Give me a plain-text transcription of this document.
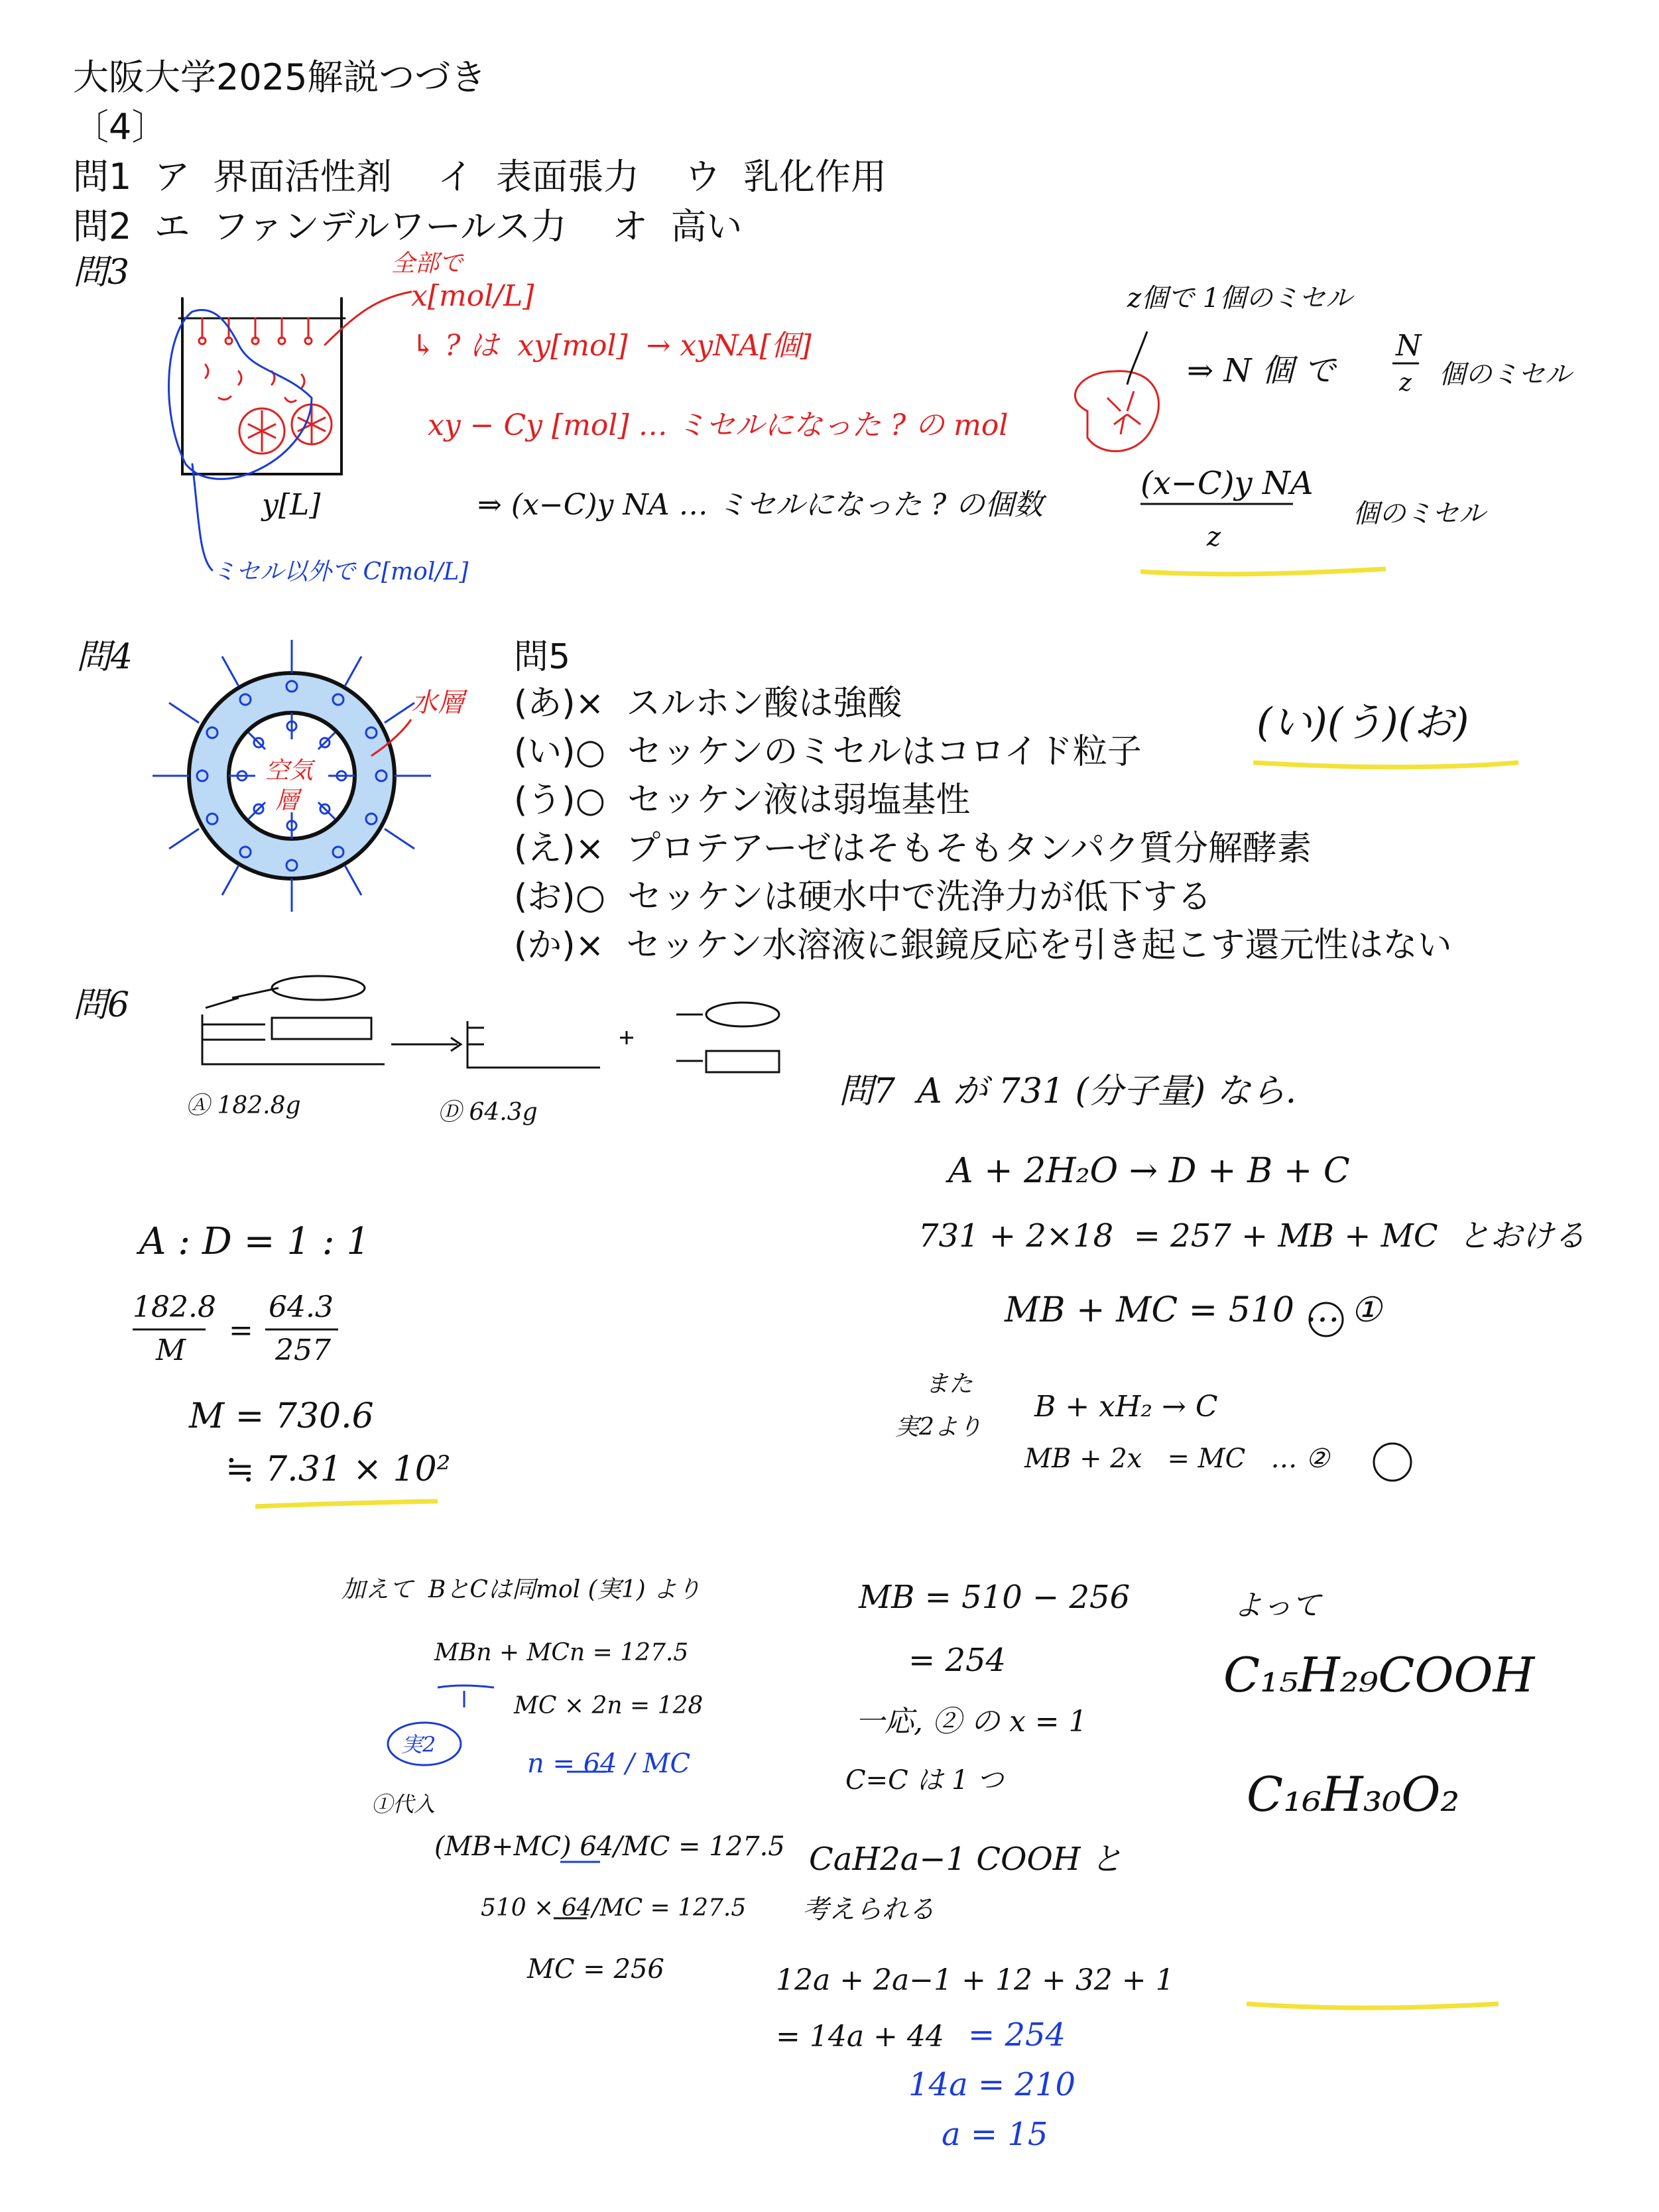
大阪大学2025解説つづき
〔4〕
問1  ア  界面活性剤    イ  表面張力    ウ  乳化作用
問2  エ  ファンデルワールス力    オ  高い
問3	全部で
x[mol/L]
↳ ? は  xy[mol]  → xyNA[個]
xy − Cy [mol] … ミセルになった ? の mol
y[L]
ミセル以外で C[mol/L]
⇒ (x−C)y NA … ミセルになった ? の個数
(x−C)y NA
z
個のミセル
z個で 1個のミセル
⇒ N 個 で
N
z 個のミセル
問4
水層
空気
層
問5
(あ)×  スルホン酸は強酸
(い)○  セッケンのミセルはコロイド粒子
(う)○  セッケン液は弱塩基性
(え)×  プロテアーゼはそもそもタンパク質分解酵素
(お)○  セッケンは硬水中で洗浄力が低下する
(か)×  セッケン水溶液に銀鏡反応を引き起こす還元性はない
(い)(う)(お)
問6
Ⓐ 182.8g	Ⓓ 64.3g
A : D = 1 : 1
182.8
M
=
64.3
257
M = 730.6
≒ 7.31 × 10²
問7  A が 731 (分子量) なら.
A + 2H₂O → D + B + C
731 + 2×18  = 257 + MB + MC  とおける
MB + MC = 510 … ①
また
実2より
B + xH₂ → C
MB + 2x   = MC   … ②
加えて  BとCは同mol (実1) より
MBn + MCn = 127.5
実2
MC × 2n = 128
n = 64 / MC
①代入
(MB+MC) 64/MC = 127.5
510 × 64/MC = 127.5
MC = 256
MB = 510 − 256
= 254
一応, ② の x = 1
C=C は 1 つ
CaH2a−1 COOH と
考えられる
12a + 2a−1 + 12 + 32 + 1
= 14a + 44 = 254
14a = 210
a = 15
よって
C₁₅H₂₉COOH
C₁₆H₃₀O₂
